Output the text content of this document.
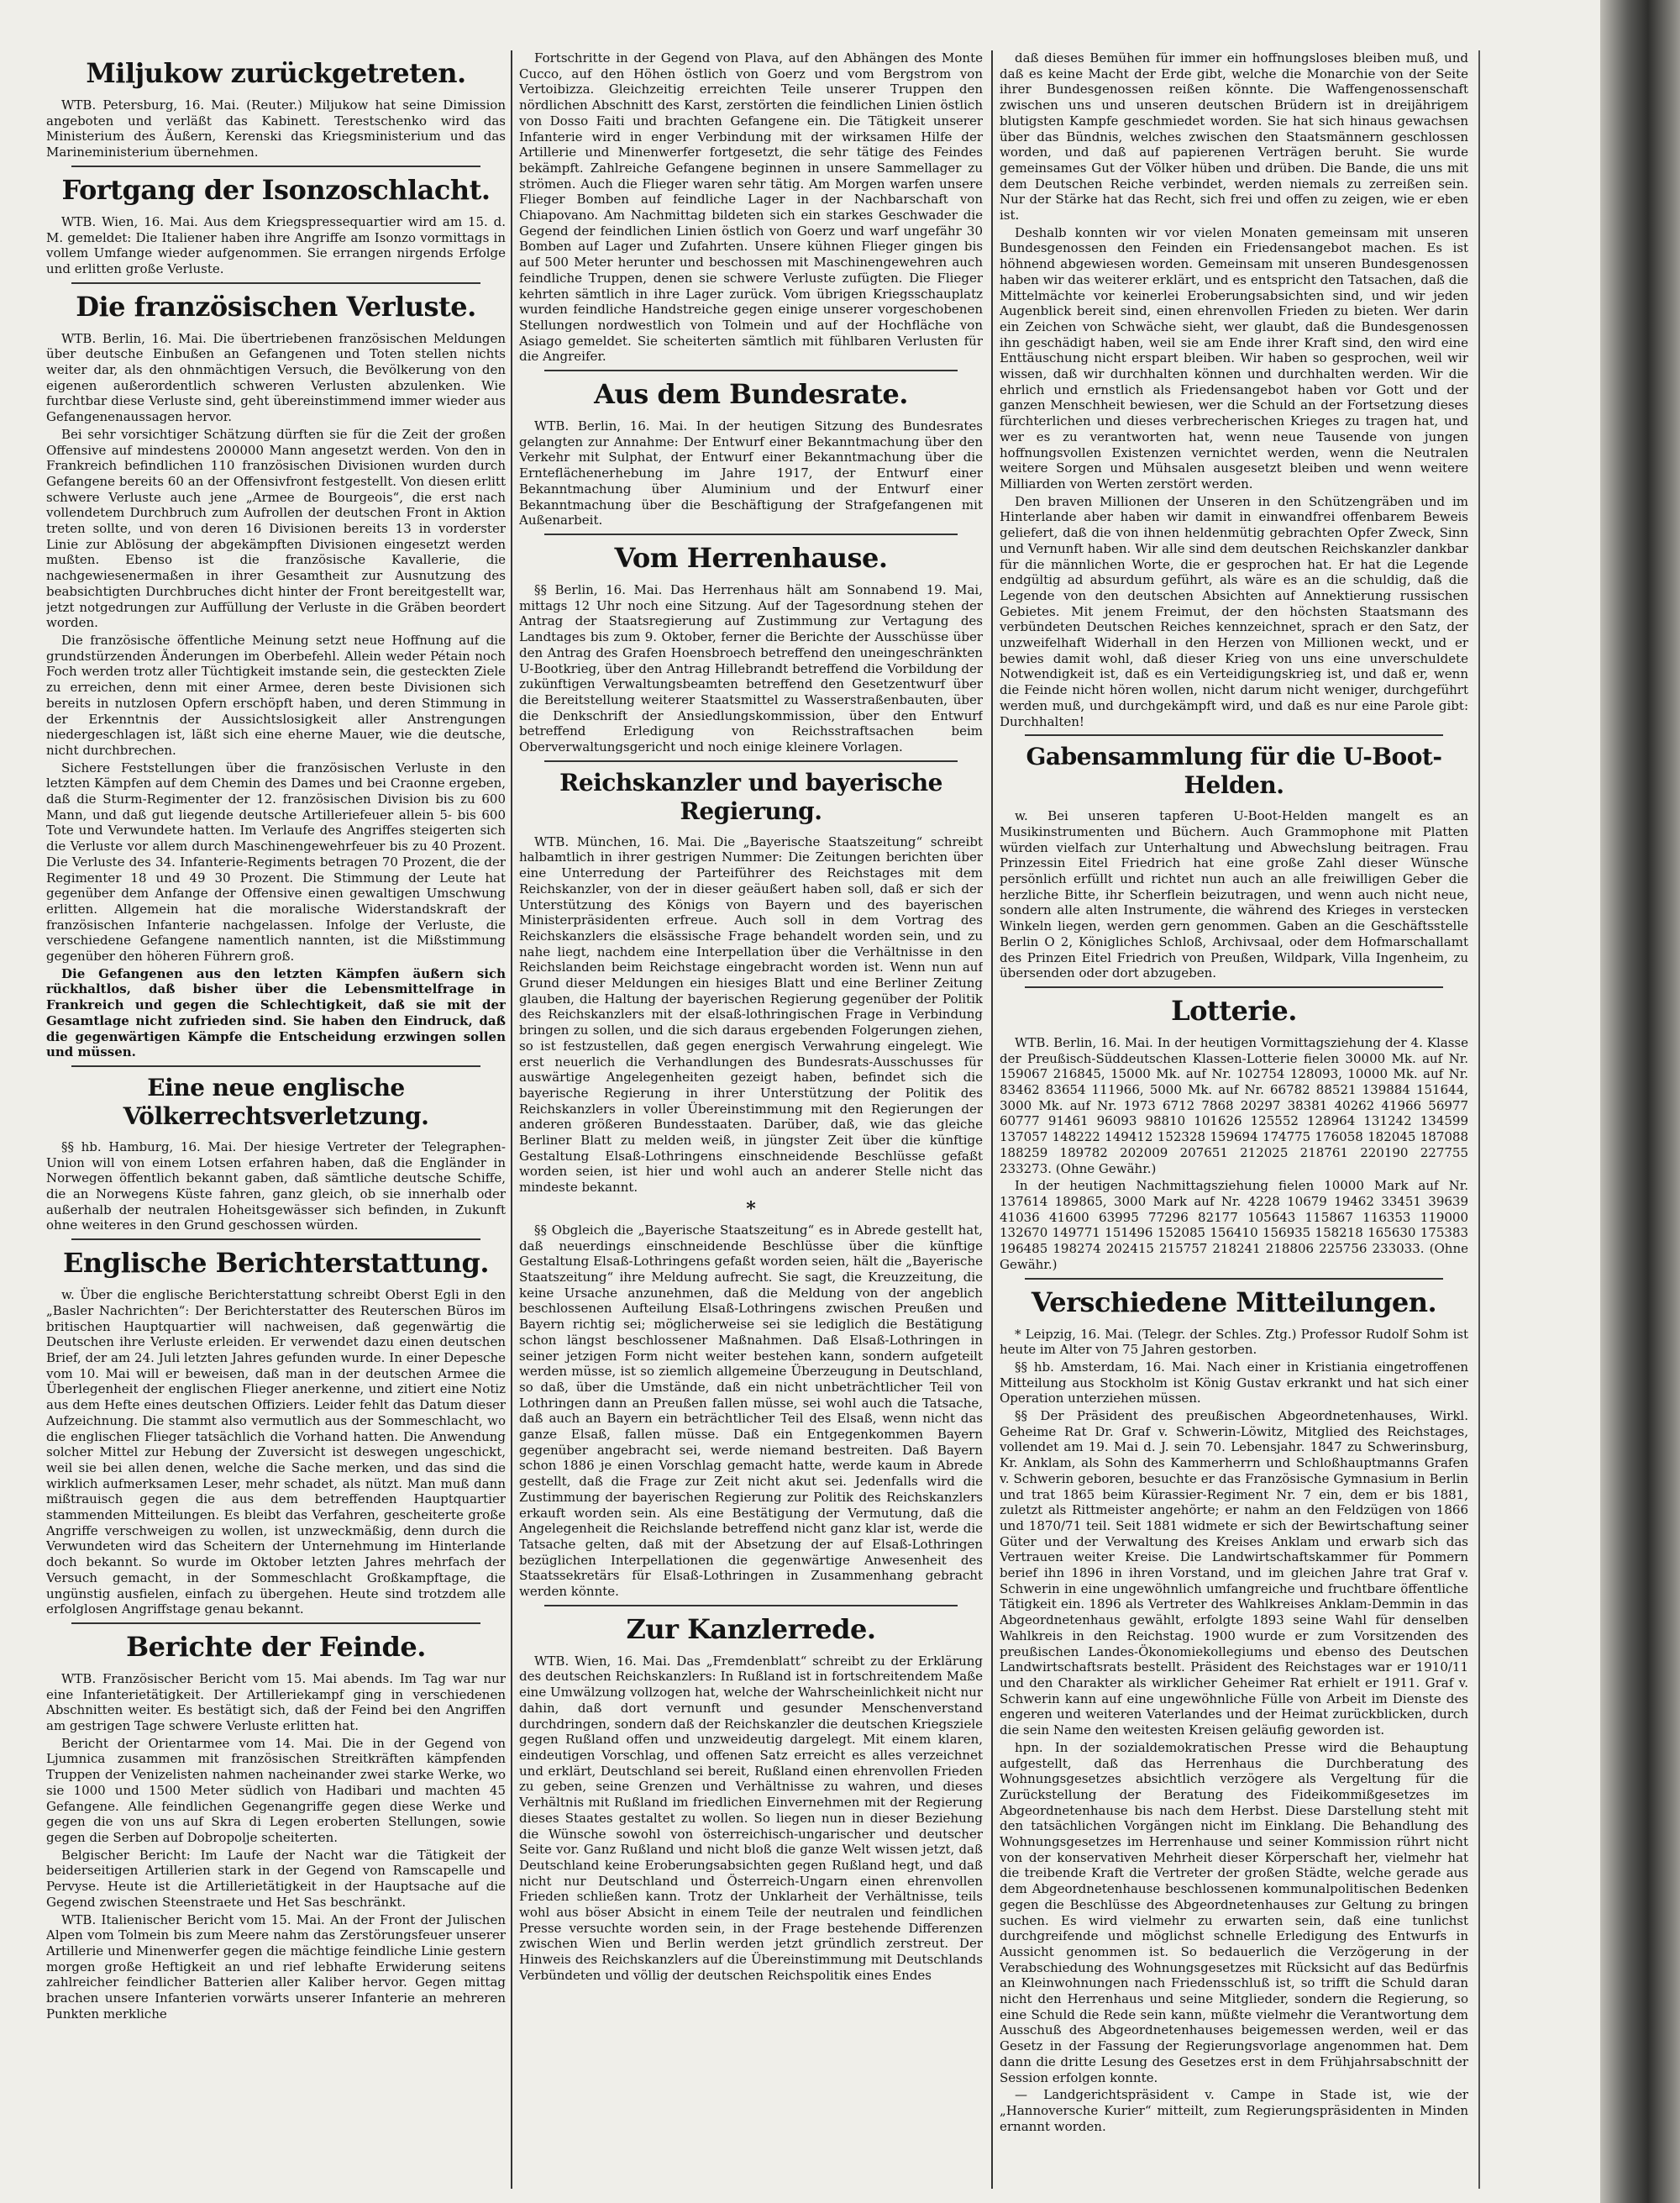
Miljukow zurückgetreten.

WTB. Petersburg, 16. Mai. (Reuter.) Miljukow hat seine Dimission angeboten und verläßt das Kabinett. Terestschenko wird das Ministerium des Äußern, Kerenski das Kriegsministerium und das Marineministerium übernehmen.

Fortgang der Isonzoschlacht.

WTB. Wien, 16. Mai. Aus dem Kriegspressequartier wird am 15. d. M. gemeldet: Die Italiener haben ihre Angriffe am Isonzo vormittags in vollem Umfange wieder aufgenommen. Sie errangen nirgends Erfolge und erlitten große Verluste.

Die französischen Verluste.

WTB. Berlin, 16. Mai. Die übertriebenen französischen Meldungen über deutsche Einbußen an Gefangenen und Toten stellen nichts weiter dar, als den ohnmächtigen Versuch, die Bevölkerung von den eigenen außerordentlich schweren Verlusten abzulenken. Wie furchtbar diese Verluste sind, geht übereinstimmend immer wieder aus Gefangenenaussagen hervor.

Bei sehr vorsichtiger Schätzung dürften sie für die Zeit der großen Offensive auf mindestens 200000 Mann angesetzt werden. Von den in Frankreich befindlichen 110 französischen Divisionen wurden durch Gefangene bereits 60 an der Offensivfront festgestellt. Von diesen erlitt schwere Verluste auch jene „Armee de Bourgeois“, die erst nach vollendetem Durchbruch zum Aufrollen der deutschen Front in Aktion treten sollte, und von deren 16 Divisionen bereits 13 in vorderster Linie zur Ablösung der abgekämpften Divisionen eingesetzt werden mußten. Ebenso ist die französische Kavallerie, die nachgewiesenermaßen in ihrer Gesamtheit zur Ausnutzung des beabsichtigten Durchbruches dicht hinter der Front bereitgestellt war, jetzt notgedrungen zur Auffüllung der Verluste in die Gräben beordert worden.

Die französische öffentliche Meinung setzt neue Hoffnung auf die grundstürzenden Änderungen im Oberbefehl. Allein weder Pétain noch Foch werden trotz aller Tüchtigkeit imstande sein, die gesteckten Ziele zu erreichen, denn mit einer Armee, deren beste Divisionen sich bereits in nutzlosen Opfern erschöpft haben, und deren Stimmung in der Erkenntnis der Aussichtslosigkeit aller Anstrengungen niedergeschlagen ist, läßt sich eine eherne Mauer, wie die deutsche, nicht durchbrechen.

Sichere Feststellungen über die französischen Verluste in den letzten Kämpfen auf dem Chemin des Dames und bei Craonne ergeben, daß die Sturm-Regimenter der 12. französischen Division bis zu 600 Mann, und daß gut liegende deutsche Artilleriefeuer allein 5- bis 600 Tote und Verwundete hatten. Im Verlaufe des Angriffes steigerten sich die Verluste vor allem durch Maschinengewehrfeuer bis zu 40 Prozent. Die Verluste des 34. Infanterie-Regiments betragen 70 Prozent, die der Regimenter 18 und 49 30 Prozent. Die Stimmung der Leute hat gegenüber dem Anfange der Offensive einen gewaltigen Umschwung erlitten. Allgemein hat die moralische Widerstandskraft der französischen Infanterie nachgelassen. Infolge der Verluste, die verschiedene Gefangene namentlich nannten, ist die Mißstimmung gegenüber den höheren Führern groß.

Die Gefangenen aus den letzten Kämpfen äußern sich rückhaltlos, daß bisher über die Lebensmittelfrage in Frankreich und gegen die Schlechtigkeit, daß sie mit der Gesamtlage nicht zufrieden sind. Sie haben den Eindruck, daß die gegenwärtigen Kämpfe die Entscheidung erzwingen sollen und müssen.

Eine neue englische Völkerrechtsverletzung.

§§ hb. Hamburg, 16. Mai. Der hiesige Vertreter der Telegraphen-Union will von einem Lotsen erfahren haben, daß die Engländer in Norwegen öffentlich bekannt gaben, daß sämtliche deutsche Schiffe, die an Norwegens Küste fahren, ganz gleich, ob sie innerhalb oder außerhalb der neutralen Hoheitsgewässer sich befinden, in Zukunft ohne weiteres in den Grund geschossen würden.

Englische Berichterstattung.

w. Über die englische Berichterstattung schreibt Oberst Egli in den „Basler Nachrichten“: Der Berichterstatter des Reuterschen Büros im britischen Hauptquartier will nachweisen, daß gegenwärtig die Deutschen ihre Verluste erleiden. Er verwendet dazu einen deutschen Brief, der am 24. Juli letzten Jahres gefunden wurde. In einer Depesche vom 10. Mai will er beweisen, daß man in der deutschen Armee die Überlegenheit der englischen Flieger anerkenne, und zitiert eine Notiz aus dem Hefte eines deutschen Offiziers. Leider fehlt das Datum dieser Aufzeichnung. Die stammt also vermutlich aus der Sommeschlacht, wo die englischen Flieger tatsächlich die Vorhand hatten. Die Anwendung solcher Mittel zur Hebung der Zuversicht ist deswegen ungeschickt, weil sie bei allen denen, welche die Sache merken, und das sind die wirklich aufmerksamen Leser, mehr schadet, als nützt. Man muß dann mißtrauisch gegen die aus dem betreffenden Hauptquartier stammenden Mitteilungen. Es bleibt das Verfahren, gescheiterte große Angriffe verschweigen zu wollen, ist unzweckmäßig, denn durch die Verwundeten wird das Scheitern der Unternehmung im Hinterlande doch bekannt. So wurde im Oktober letzten Jahres mehrfach der Versuch gemacht, in der Sommeschlacht Großkampftage, die ungünstig ausfielen, einfach zu übergehen. Heute sind trotzdem alle erfolglosen Angriffstage genau bekannt.

Berichte der Feinde.

WTB. Französischer Bericht vom 15. Mai abends. Im Tag war nur eine Infanterietätigkeit. Der Artilleriekampf ging in verschiedenen Abschnitten weiter. Es bestätigt sich, daß der Feind bei den Angriffen am gestrigen Tage schwere Verluste erlitten hat.

Bericht der Orientarmee vom 14. Mai. Die in der Gegend von Ljumnica zusammen mit französischen Streitkräften kämpfenden Truppen der Venizelisten nahmen nacheinander zwei starke Werke, wo sie 1000 und 1500 Meter südlich von Hadibari und machten 45 Gefangene. Alle feindlichen Gegenangriffe gegen diese Werke und gegen die von uns auf Skra di Legen eroberten Stellungen, sowie gegen die Serben auf Dobropolje scheiterten.

Belgischer Bericht: Im Laufe der Nacht war die Tätigkeit der beiderseitigen Artillerien stark in der Gegend von Ramscapelle und Pervyse. Heute ist die Artillerietätigkeit in der Hauptsache auf die Gegend zwischen Steenstraete und Het Sas beschränkt.

WTB. Italienischer Bericht vom 15. Mai. An der Front der Julischen Alpen vom Tolmein bis zum Meere nahm das Zerstörungsfeuer unserer Artillerie und Minenwerfer gegen die mächtige feindliche Linie gestern morgen große Heftigkeit an und rief lebhafte Erwiderung seitens zahlreicher feindlicher Batterien aller Kaliber hervor. Gegen mittag brachen unsere Infanterien vorwärts unserer Infanterie an mehreren Punkten merkliche

Fortschritte in der Gegend von Plava, auf den Abhängen des Monte Cucco, auf den Höhen östlich von Goerz und vom Bergstrom von Vertoibizza. Gleichzeitig erreichten Teile unserer Truppen den nördlichen Abschnitt des Karst, zerstörten die feindlichen Linien östlich von Dosso Faiti und brachten Gefangene ein. Die Tätigkeit unserer Infanterie wird in enger Verbindung mit der wirksamen Hilfe der Artillerie und Minenwerfer fortgesetzt, die sehr tätige des Feindes bekämpft. Zahlreiche Gefangene beginnen in unsere Sammellager zu strömen. Auch die Flieger waren sehr tätig. Am Morgen warfen unsere Flieger Bomben auf feindliche Lager in der Nachbarschaft von Chiapovano. Am Nachmittag bildeten sich ein starkes Geschwader die Gegend der feindlichen Linien östlich von Goerz und warf ungefähr 30 Bomben auf Lager und Zufahrten. Unsere kühnen Flieger gingen bis auf 500 Meter herunter und beschossen mit Maschinengewehren auch feindliche Truppen, denen sie schwere Verluste zufügten. Die Flieger kehrten sämtlich in ihre Lager zurück. Vom übrigen Kriegsschauplatz wurden feindliche Handstreiche gegen einige unserer vorgeschobenen Stellungen nordwestlich von Tolmein und auf der Hochfläche von Asiago gemeldet. Sie scheiterten sämtlich mit fühlbaren Verlusten für die Angreifer.

Aus dem Bundesrate.

WTB. Berlin, 16. Mai. In der heutigen Sitzung des Bundesrates gelangten zur Annahme: Der Entwurf einer Bekanntmachung über den Verkehr mit Sulphat, der Entwurf einer Bekanntmachung über die Ernteflächenerhebung im Jahre 1917, der Entwurf einer Bekanntmachung über Aluminium und der Entwurf einer Bekanntmachung über die Beschäftigung der Strafgefangenen mit Außenarbeit.

Vom Herrenhause.

§§ Berlin, 16. Mai. Das Herrenhaus hält am Sonnabend 19. Mai, mittags 12 Uhr noch eine Sitzung. Auf der Tagesordnung stehen der Antrag der Staatsregierung auf Zustimmung zur Vertagung des Landtages bis zum 9. Oktober, ferner die Berichte der Ausschüsse über den Antrag des Grafen Hoensbroech betreffend den uneingeschränkten U-Bootkrieg, über den Antrag Hillebrandt betreffend die Vorbildung der zukünftigen Verwaltungsbeamten betreffend den Gesetzentwurf über die Bereitstellung weiterer Staatsmittel zu Wasserstraßenbauten, über die Denkschrift der Ansiedlungskommission, über den Entwurf betreffend Erledigung von Reichsstraftsachen beim Oberverwaltungsgericht und noch einige kleinere Vorlagen.

Reichskanzler und bayerische Regierung.

WTB. München, 16. Mai. Die „Bayerische Staatszeitung“ schreibt halbamtlich in ihrer gestrigen Nummer: Die Zeitungen berichten über eine Unterredung der Parteiführer des Reichstages mit dem Reichskanzler, von der in dieser geäußert haben soll, daß er sich der Unterstützung des Königs von Bayern und des bayerischen Ministerpräsidenten erfreue. Auch soll in dem Vortrag des Reichskanzlers die elsässische Frage behandelt worden sein, und zu nahe liegt, nachdem eine Interpellation über die Verhältnisse in den Reichslanden beim Reichstage eingebracht worden ist. Wenn nun auf Grund dieser Meldungen ein hiesiges Blatt und eine Berliner Zeitung glauben, die Haltung der bayerischen Regierung gegenüber der Politik des Reichskanzlers mit der elsaß-lothringischen Frage in Verbindung bringen zu sollen, und die sich daraus ergebenden Folgerungen ziehen, so ist festzustellen, daß gegen energisch Verwahrung eingelegt. Wie erst neuerlich die Verhandlungen des Bundesrats-Ausschusses für auswärtige Angelegenheiten gezeigt haben, befindet sich die bayerische Regierung in ihrer Unterstützung der Politik des Reichskanzlers in voller Übereinstimmung mit den Regierungen der anderen größeren Bundesstaaten. Darüber, daß, wie das gleiche Berliner Blatt zu melden weiß, in jüngster Zeit über die künftige Gestaltung Elsaß-Lothringens einschneidende Beschlüsse gefaßt worden seien, ist hier und wohl auch an anderer Stelle nicht das mindeste bekannt.

*

§§ Obgleich die „Bayerische Staatszeitung“ es in Abrede gestellt hat, daß neuerdings einschneidende Beschlüsse über die künftige Gestaltung Elsaß-Lothringens gefaßt worden seien, hält die „Bayerische Staatszeitung“ ihre Meldung aufrecht. Sie sagt, die Kreuzzeitung, die keine Ursache anzunehmen, daß die Meldung von der angeblich beschlossenen Aufteilung Elsaß-Lothringens zwischen Preußen und Bayern richtig sei; möglicherweise sei sie lediglich die Bestätigung schon längst beschlossener Maßnahmen. Daß Elsaß-Lothringen in seiner jetzigen Form nicht weiter bestehen kann, sondern aufgeteilt werden müsse, ist so ziemlich allgemeine Überzeugung in Deutschland, so daß, über die Umstände, daß ein nicht unbeträchtlicher Teil von Lothringen dann an Preußen fallen müsse, sei wohl auch die Tatsache, daß auch an Bayern ein beträchtlicher Teil des Elsaß, wenn nicht das ganze Elsaß, fallen müsse. Daß ein Entgegenkommen Bayern gegenüber angebracht sei, werde niemand bestreiten. Daß Bayern schon 1886 je einen Vorschlag gemacht hatte, werde kaum in Abrede gestellt, daß die Frage zur Zeit nicht akut sei. Jedenfalls wird die Zustimmung der bayerischen Regierung zur Politik des Reichskanzlers erkauft worden sein. Als eine Bestätigung der Vermutung, daß die Angelegenheit die Reichslande betreffend nicht ganz klar ist, werde die Tatsache gelten, daß mit der Absetzung der auf Elsaß-Lothringen bezüglichen Interpellationen die gegenwärtige Anwesenheit des Staatssekretärs für Elsaß-Lothringen in Zusammenhang gebracht werden könnte.

Zur Kanzlerrede.

WTB. Wien, 16. Mai. Das „Fremdenblatt“ schreibt zu der Erklärung des deutschen Reichskanzlers: In Rußland ist in fortschreitendem Maße eine Umwälzung vollzogen hat, welche der Wahrscheinlichkeit nicht nur dahin, daß dort vernunft und gesunder Menschenverstand durchdringen, sondern daß der Reichskanzler die deutschen Kriegsziele gegen Rußland offen und unzweideutig dargelegt. Mit einem klaren, eindeutigen Vorschlag, und offenen Satz erreicht es alles verzeichnet und erklärt, Deutschland sei bereit, Rußland einen ehrenvollen Frieden zu geben, seine Grenzen und Verhältnisse zu wahren, und dieses Verhältnis mit Rußland im friedlichen Einvernehmen mit der Regierung dieses Staates gestaltet zu wollen. So liegen nun in dieser Beziehung die Wünsche sowohl von österreichisch-ungarischer und deutscher Seite vor. Ganz Rußland und nicht bloß die ganze Welt wissen jetzt, daß Deutschland keine Eroberungsabsichten gegen Rußland hegt, und daß nicht nur Deutschland und Österreich-Ungarn einen ehrenvollen Frieden schließen kann. Trotz der Unklarheit der Verhältnisse, teils wohl aus böser Absicht in einem Teile der neutralen und feindlichen Presse versuchte worden sein, in der Frage bestehende Differenzen zwischen Wien und Berlin werden jetzt gründlich zerstreut. Der Hinweis des Reichskanzlers auf die Übereinstimmung mit Deutschlands Verbündeten und völlig der deutschen Reichspolitik eines Endes

daß dieses Bemühen für immer ein hoffnungsloses bleiben muß, und daß es keine Macht der Erde gibt, welche die Monarchie von der Seite ihrer Bundesgenossen reißen könnte. Die Waffengenossenschaft zwischen uns und unseren deutschen Brüdern ist in dreijährigem blutigsten Kampfe geschmiedet worden. Sie hat sich hinaus gewachsen über das Bündnis, welches zwischen den Staatsmännern geschlossen worden, und daß auf papierenen Verträgen beruht. Sie wurde gemeinsames Gut der Völker hüben und drüben. Die Bande, die uns mit dem Deutschen Reiche verbindet, werden niemals zu zerreißen sein. Nur der Stärke hat das Recht, sich frei und offen zu zeigen, wie er eben ist.

Deshalb konnten wir vor vielen Monaten gemeinsam mit unseren Bundesgenossen den Feinden ein Friedensangebot machen. Es ist höhnend abgewiesen worden. Gemeinsam mit unseren Bundesgenossen haben wir das weiterer erklärt, und es entspricht den Tatsachen, daß die Mittelmächte vor keinerlei Eroberungsabsichten sind, und wir jeden Augenblick bereit sind, einen ehrenvollen Frieden zu bieten. Wer darin ein Zeichen von Schwäche sieht, wer glaubt, daß die Bundesgenossen ihn geschädigt haben, weil sie am Ende ihrer Kraft sind, den wird eine Enttäuschung nicht erspart bleiben. Wir haben so gesprochen, weil wir wissen, daß wir durchhalten können und durchhalten werden. Wir die ehrlich und ernstlich als Friedensangebot haben vor Gott und der ganzen Menschheit bewiesen, wer die Schuld an der Fortsetzung dieses fürchterlichen und dieses verbrecherischen Krieges zu tragen hat, und wer es zu verantworten hat, wenn neue Tausende von jungen hoffnungsvollen Existenzen vernichtet werden, wenn die Neutralen weitere Sorgen und Mühsalen ausgesetzt bleiben und wenn weitere Milliarden von Werten zerstört werden.

Den braven Millionen der Unseren in den Schützengräben und im Hinterlande aber haben wir damit in einwandfrei offenbarem Beweis geliefert, daß die von ihnen heldenmütig gebrachten Opfer Zweck, Sinn und Vernunft haben. Wir alle sind dem deutschen Reichskanzler dankbar für die männlichen Worte, die er gesprochen hat. Er hat die Legende endgültig ad absurdum geführt, als wäre es an die schuldig, daß die Legende von den deutschen Absichten auf Annektierung russischen Gebietes. Mit jenem Freimut, der den höchsten Staatsmann des verbündeten Deutschen Reiches kennzeichnet, sprach er den Satz, der unzweifelhaft Widerhall in den Herzen von Millionen weckt, und er bewies damit wohl, daß dieser Krieg von uns eine unverschuldete Notwendigkeit ist, daß es ein Verteidigungskrieg ist, und daß er, wenn die Feinde nicht hören wollen, nicht darum nicht weniger, durchgeführt werden muß, und durchgekämpft wird, und daß es nur eine Parole gibt: Durchhalten!

Gabensammlung für die U-Boot-Helden.

w. Bei unseren tapferen U-Boot-Helden mangelt es an Musikinstrumenten und Büchern. Auch Grammophone mit Platten würden vielfach zur Unterhaltung und Abwechslung beitragen. Frau Prinzessin Eitel Friedrich hat eine große Zahl dieser Wünsche persönlich erfüllt und richtet nun auch an alle freiwilligen Geber die herzliche Bitte, ihr Scherflein beizutragen, und wenn auch nicht neue, sondern alle alten Instrumente, die während des Krieges in verstecken Winkeln liegen, werden gern genommen. Gaben an die Geschäftsstelle Berlin O 2, Königliches Schloß, Archivsaal, oder dem Hofmarschallamt des Prinzen Eitel Friedrich von Preußen, Wildpark, Villa Ingenheim, zu übersenden oder dort abzugeben.

Lotterie.

WTB. Berlin, 16. Mai. In der heutigen Vormittagsziehung der 4. Klasse der Preußisch-Süddeutschen Klassen-Lotterie fielen 30000 Mk. auf Nr. 159067 216845, 15000 Mk. auf Nr. 102754 128093, 10000 Mk. auf Nr. 83462 83654 111966, 5000 Mk. auf Nr. 66782 88521 139884 151644, 3000 Mk. auf Nr. 1973 6712 7868 20297 38381 40262 41966 56977 60777 91461 96093 98810 101626 125552 128964 131242 134599 137057 148222 149412 152328 159694 174775 176058 182045 187088 188259 189782 202009 207651 212025 218761 220190 227755 233273. (Ohne Gewähr.)

In der heutigen Nachmittagsziehung fielen 10000 Mark auf Nr. 137614 189865, 3000 Mark auf Nr. 4228 10679 19462 33451 39639 41036 41600 63995 77296 82177 105643 115867 116353 119000 132670 149771 151496 152085 156410 156935 158218 165630 175383 196485 198274 202415 215757 218241 218806 225756 233033. (Ohne Gewähr.)

Verschiedene Mitteilungen.

* Leipzig, 16. Mai. (Telegr. der Schles. Ztg.) Professor Rudolf Sohm ist heute im Alter von 75 Jahren gestorben.

§§ hb. Amsterdam, 16. Mai. Nach einer in Kristiania eingetroffenen Mitteilung aus Stockholm ist König Gustav erkrankt und hat sich einer Operation unterziehen müssen.

§§ Der Präsident des preußischen Abgeordnetenhauses, Wirkl. Geheime Rat Dr. Graf v. Schwerin-Löwitz, Mitglied des Reichstages, vollendet am 19. Mai d. J. sein 70. Lebensjahr. 1847 zu Schwerinsburg, Kr. Anklam, als Sohn des Kammerherrn und Schloßhauptmanns Grafen v. Schwerin geboren, besuchte er das Französische Gymnasium in Berlin und trat 1865 beim Kürassier-Regiment Nr. 7 ein, dem er bis 1881, zuletzt als Rittmeister angehörte; er nahm an den Feldzügen von 1866 und 1870/71 teil. Seit 1881 widmete er sich der Bewirtschaftung seiner Güter und der Verwaltung des Kreises Anklam und erwarb sich das Vertrauen weiter Kreise. Die Landwirtschaftskammer für Pommern berief ihn 1896 in ihren Vorstand, und im gleichen Jahre trat Graf v. Schwerin in eine ungewöhnlich umfangreiche und fruchtbare öffentliche Tätigkeit ein. 1896 als Vertreter des Wahlkreises Anklam-Demmin in das Abgeordnetenhaus gewählt, erfolgte 1893 seine Wahl für denselben Wahlkreis in den Reichstag. 1900 wurde er zum Vorsitzenden des preußischen Landes-Ökonomiekollegiums und ebenso des Deutschen Landwirtschaftsrats bestellt. Präsident des Reichstages war er 1910/11 und den Charakter als wirklicher Geheimer Rat erhielt er 1911. Graf v. Schwerin kann auf eine ungewöhnliche Fülle von Arbeit im Dienste des engeren und weiteren Vaterlandes und der Heimat zurückblicken, durch die sein Name den weitesten Kreisen geläufig geworden ist.

hpn. In der sozialdemokratischen Presse wird die Behauptung aufgestellt, daß das Herrenhaus die Durchberatung des Wohnungsgesetzes absichtlich verzögere als Vergeltung für die Zurückstellung der Beratung des Fideikommißgesetzes im Abgeordnetenhause bis nach dem Herbst. Diese Darstellung steht mit den tatsächlichen Vorgängen nicht im Einklang. Die Behandlung des Wohnungsgesetzes im Herrenhause und seiner Kommission rührt nicht von der konservativen Mehrheit dieser Körperschaft her, vielmehr hat die treibende Kraft die Vertreter der großen Städte, welche gerade aus dem Abgeordnetenhause beschlossenen kommunalpolitischen Bedenken gegen die Beschlüsse des Abgeordnetenhauses zur Geltung zu bringen suchen. Es wird vielmehr zu erwarten sein, daß eine tunlichst durchgreifende und möglichst schnelle Erledigung des Entwurfs in Aussicht genommen ist. So bedauerlich die Verzögerung in der Verabschiedung des Wohnungsgesetzes mit Rücksicht auf das Bedürfnis an Kleinwohnungen nach Friedensschluß ist, so trifft die Schuld daran nicht den Herrenhaus und seine Mitglieder, sondern die Regierung, so eine Schuld die Rede sein kann, müßte vielmehr die Verantwortung dem Ausschuß des Abgeordnetenhauses beigemessen werden, weil er das Gesetz in der Fassung der Regierungsvorlage angenommen hat. Dem dann die dritte Lesung des Gesetzes erst in dem Frühjahrsabschnitt der Session erfolgen konnte.

— Landgerichtspräsident v. Campe in Stade ist, wie der „Hannoversche Kurier“ mitteilt, zum Regierungspräsidenten in Minden ernannt worden.
